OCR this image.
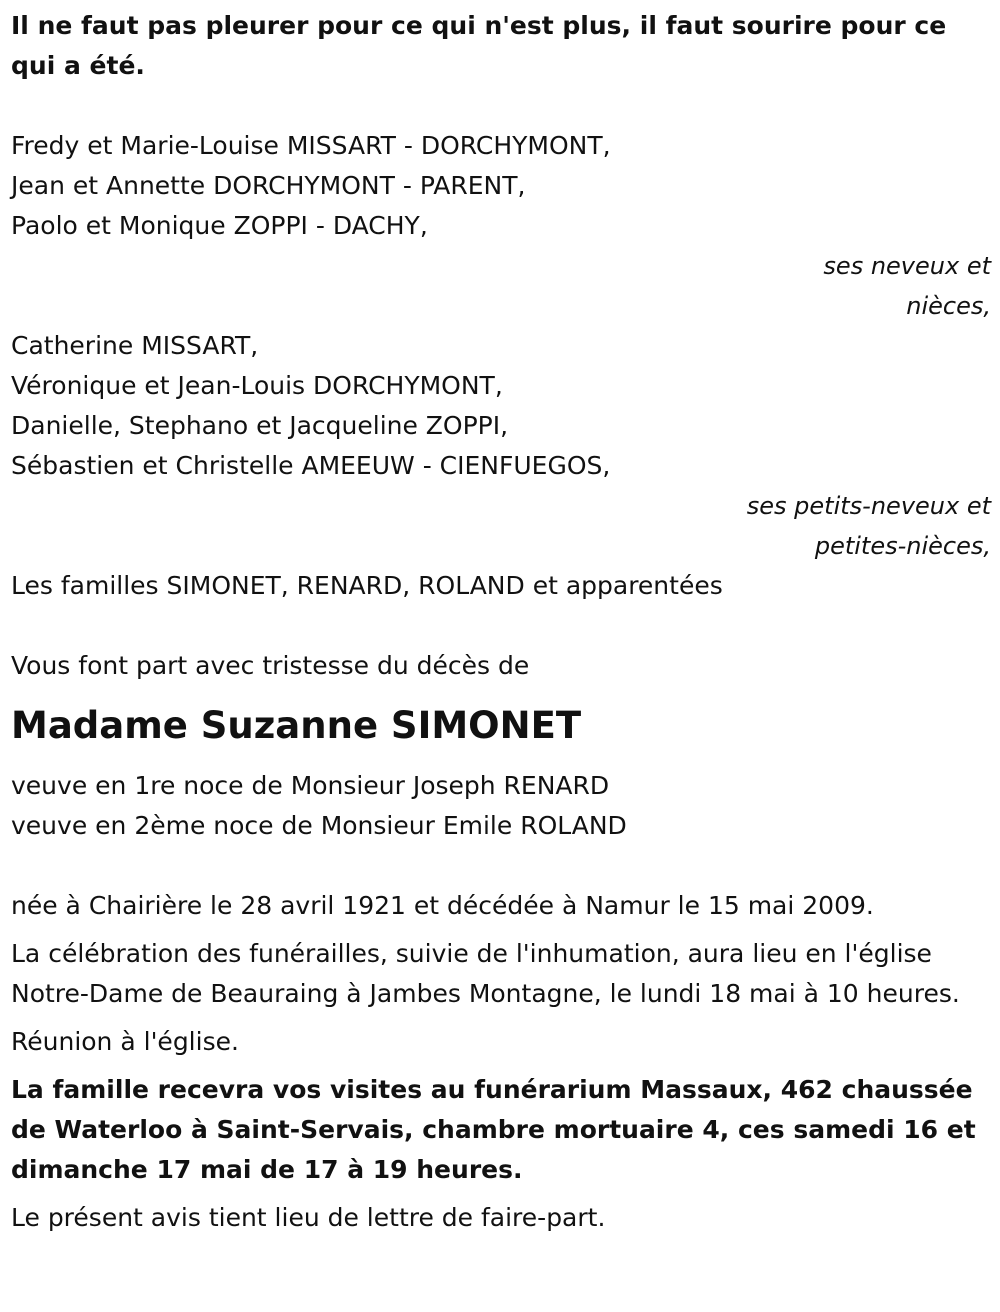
Il ne faut pas pleurer pour ce qui n'est plus, il faut sourire pour ce qui a été.
Fredy et Marie-Louise MISSART - DORCHYMONT,
Jean et Annette DORCHYMONT - PARENT,
Paolo et Monique ZOPPI - DACHY,
ses neveux et
nièces,
Catherine MISSART,
Véronique et Jean-Louis DORCHYMONT,
Danielle, Stephano et Jacqueline ZOPPI,
Sébastien et Christelle AMEEUW - CIENFUEGOS,
ses petits-neveux et
petites-nièces,
Les familles SIMONET, RENARD, ROLAND et apparentées
Vous font part avec tristesse du décès de
Madame Suzanne SIMONET
veuve en 1re noce de Monsieur Joseph RENARD
veuve en 2ème noce de Monsieur Emile ROLAND
née à Chairière le 28 avril 1921 et décédée à Namur le 15 mai 2009.
La célébration des funérailles, suivie de l'inhumation, aura lieu en l'église Notre-Dame de Beauraing à Jambes Montagne, le lundi 18 mai à 10 heures.
Réunion à l'église.
La famille recevra vos visites au funérarium Massaux, 462 chaussée de Waterloo à Saint-Servais, chambre mortuaire 4, ces samedi 16 et dimanche 17 mai de 17 à 19 heures.
Le présent avis tient lieu de lettre de faire-part.
